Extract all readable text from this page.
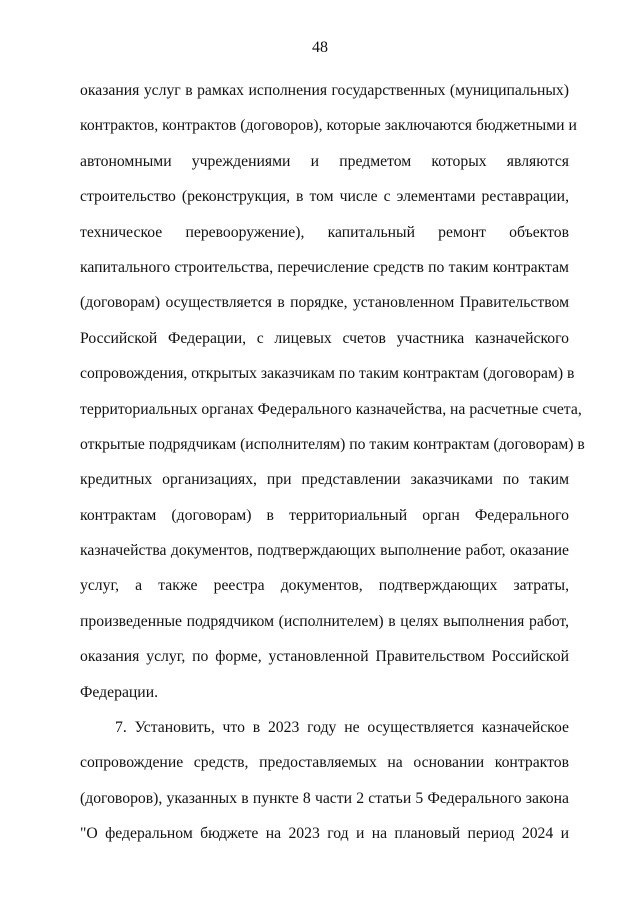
48

оказания услуг в рамках исполнения государственных (муниципальных)
контрактов, контрактов (договоров), которые заключаются бюджетными и
автономными учреждениями и предметом которых являются
строительство (реконструкция, в том числе с элементами реставрации,
техническое перевооружение), капитальный ремонт объектов
капитального строительства, перечисление средств по таким контрактам
(договорам) осуществляется в порядке, установленном Правительством
Российской Федерации, с лицевых счетов участника казначейского
сопровождения, открытых заказчикам по таким контрактам (договорам) в
территориальных органах Федерального казначейства, на расчетные счета,
открытые подрядчикам (исполнителям) по таким контрактам (договорам) в
кредитных организациях, при представлении заказчиками по таким
контрактам (договорам) в территориальный орган Федерального
казначейства документов, подтверждающих выполнение работ, оказание
услуг, а также реестра документов, подтверждающих затраты,
произведенные подрядчиком (исполнителем) в целях выполнения работ,
оказания услуг, по форме, установленной Правительством Российской
Федерации.

7. Установить, что в 2023 году не осуществляется казначейское
сопровождение средств, предоставляемых на основании контрактов
(договоров), указанных в пункте 8 части 2 статьи 5 Федерального закона
"О федеральном бюджете на 2023 год и на плановый период 2024 и
